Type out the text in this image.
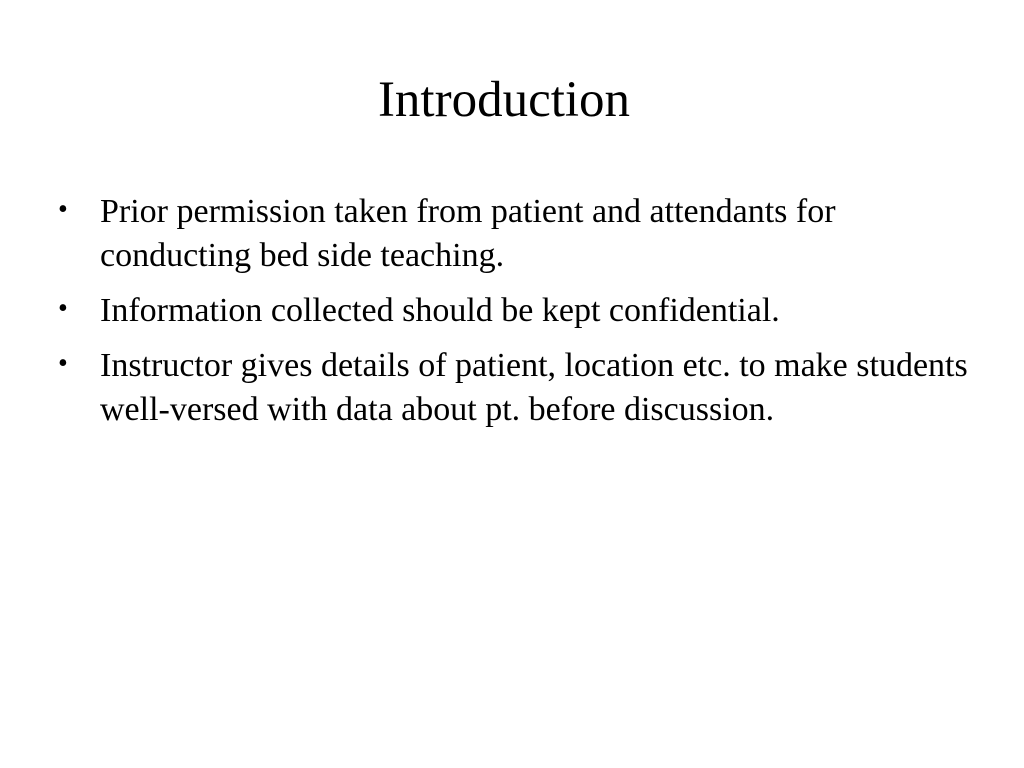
Introduction
• Prior permission taken from patient and attendants for conducting bed side teaching.
• Information collected should be kept confidential.
• Instructor gives details of patient, location etc. to make students well-versed with data about pt. before discussion.
